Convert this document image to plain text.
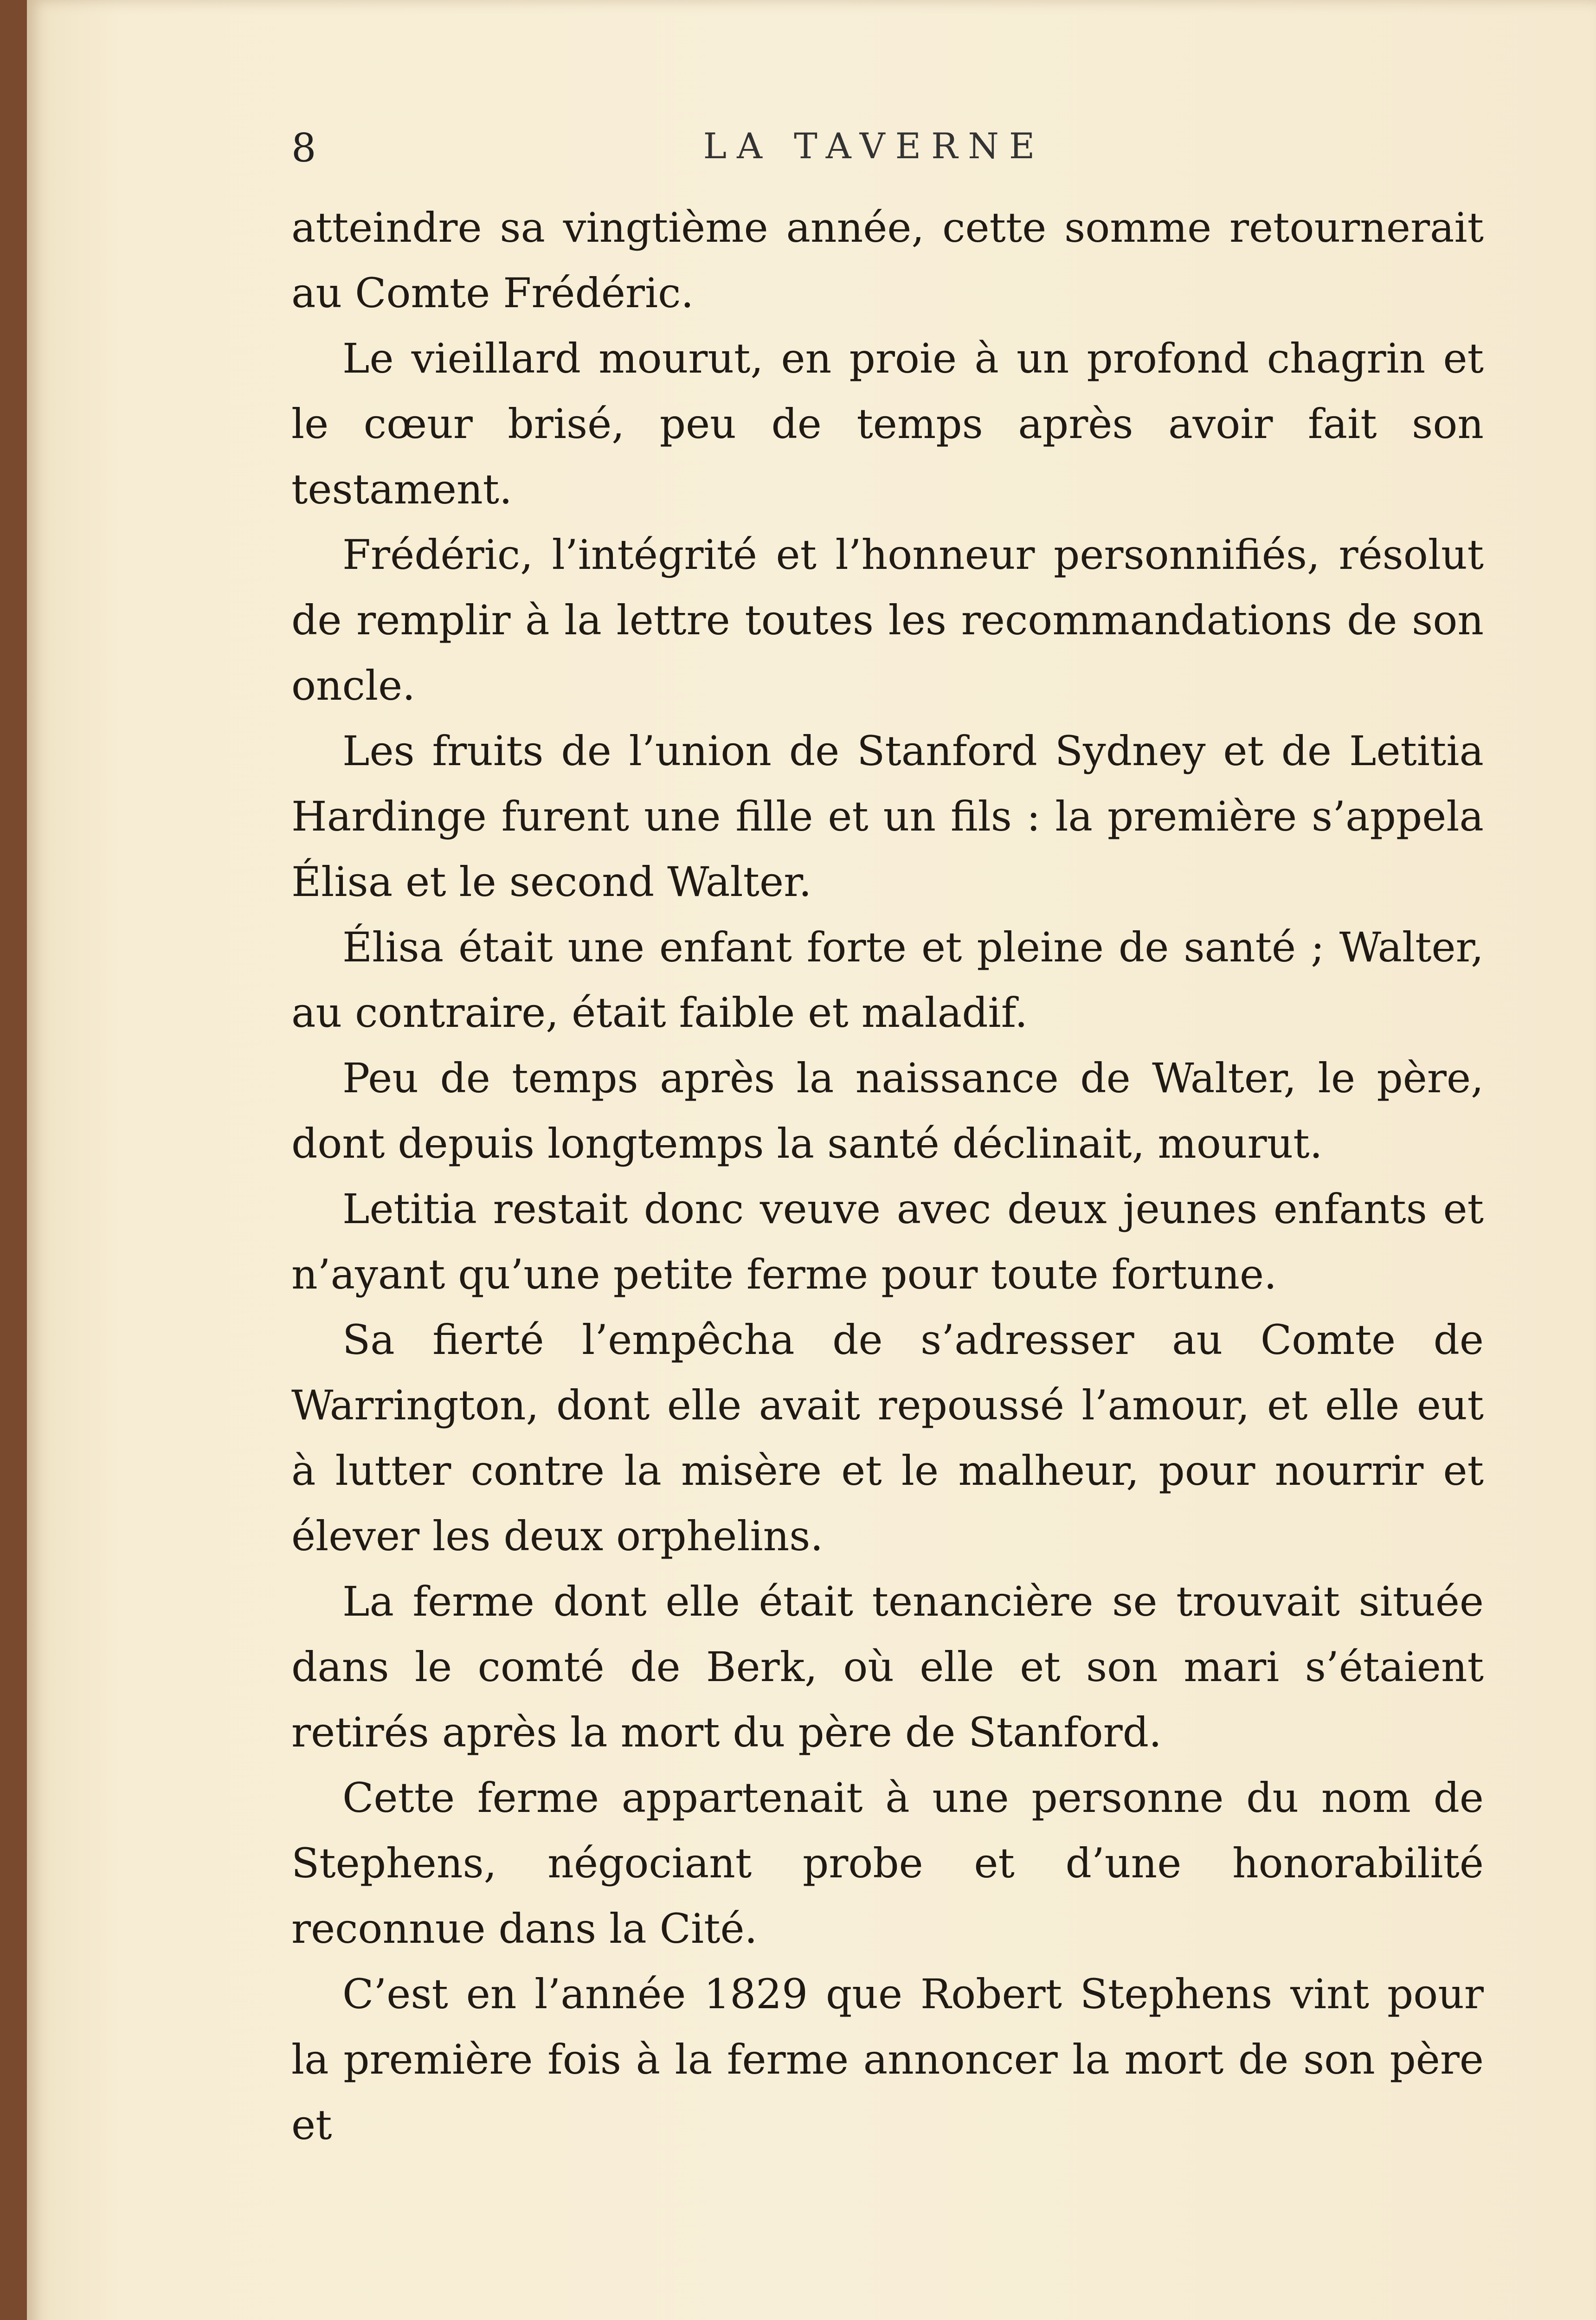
8	LA TAVERNE

atteindre sa vingtième année, cette somme retournerait au Comte Frédéric.

Le vieillard mourut, en proie à un profond chagrin et le cœur brisé, peu de temps après avoir fait son testament.

Frédéric, l’intégrité et l’honneur personnifiés, résolut de remplir à la lettre toutes les recommandations de son oncle.

Les fruits de l’union de Stanford Sydney et de Letitia Hardinge furent une fille et un fils : la première s’appela Élisa et le second Walter.

Élisa était une enfant forte et pleine de santé ; Walter, au contraire, était faible et maladif.

Peu de temps après la naissance de Walter, le père, dont depuis longtemps la santé déclinait, mourut.

Letitia restait donc veuve avec deux jeunes enfants et n’ayant qu’une petite ferme pour toute fortune.

Sa fierté l’empêcha de s’adresser au Comte de Warrington, dont elle avait repoussé l’amour, et elle eut à lutter contre la misère et le malheur, pour nourrir et élever les deux orphelins.

La ferme dont elle était tenancière se trouvait située dans le comté de Berk, où elle et son mari s’étaient retirés après la mort du père de Stanford.

Cette ferme appartenait à une personne du nom de Stephens, négociant probe et d’une honorabilité reconnue dans la Cité.

C’est en l’année 1829 que Robert Stephens vint pour la première fois à la ferme annoncer la mort de son père et
